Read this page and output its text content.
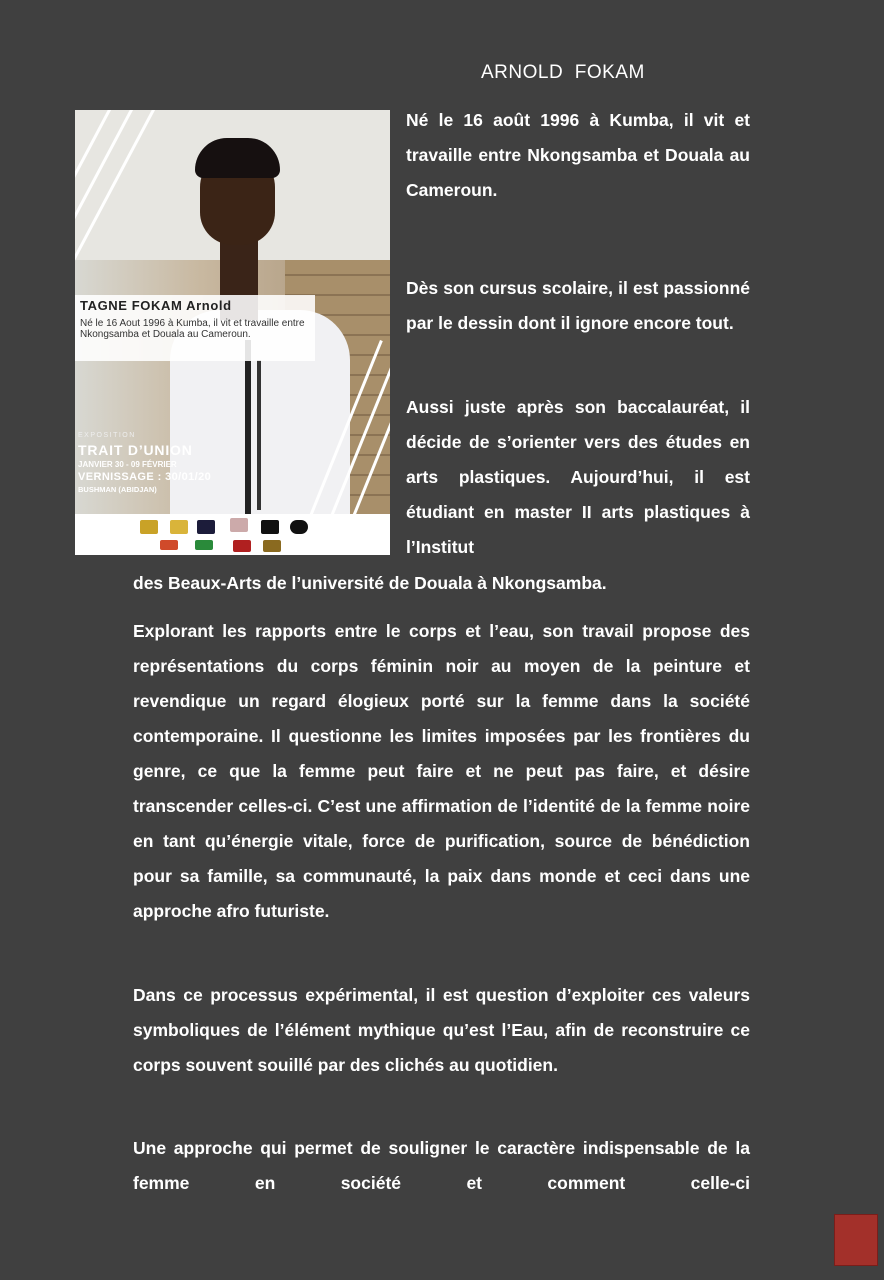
ARNOLD  FOKAM
TAGNE FOKAM Arnold
Né le 16 Aout 1996 à Kumba, il vit et travaille entre Nkongsamba et Douala au Cameroun.
EXPOSITION
TRAIT D’UNION
JANVIER 30 - 09 FÉVRIER
VERNISSAGE : 30/01/20
BUSHMAN (ABIDJAN)

Né le 16 août 1996 à Kumba, il vit et travaille entre Nkongsamba et Douala au Cameroun.

Dès son cursus scolaire, il est passionné par le dessin dont il ignore encore tout.

Aussi juste après son baccalauréat, il décide de s’orienter vers des études en arts plastiques. Aujourd’hui, il est étudiant en master II arts plastiques à l’Institut

des Beaux-Arts de l’université de Douala à Nkongsamba.

Explorant les rapports entre le corps et l’eau, son travail propose des représentations du corps féminin noir au moyen de la peinture et revendique un regard élogieux porté sur la femme dans la société contemporaine. Il questionne les limites imposées par les frontières du genre, ce que la femme peut faire et ne peut pas faire, et désire transcender celles-ci. C’est une affirmation de l’identité de la femme noire en tant qu’énergie vitale, force de purification, source de bénédiction pour sa famille, sa communauté, la paix dans monde et ceci dans une approche afro futuriste.

Dans ce processus expérimental, il est question d’exploiter ces valeurs symboliques de l’élément mythique qu’est l’Eau, afin de reconstruire ce corps souvent souillé par des clichés au quotidien.

Une approche qui permet de souligner le caractère indispensable de la femme en société et comment celle-ci
